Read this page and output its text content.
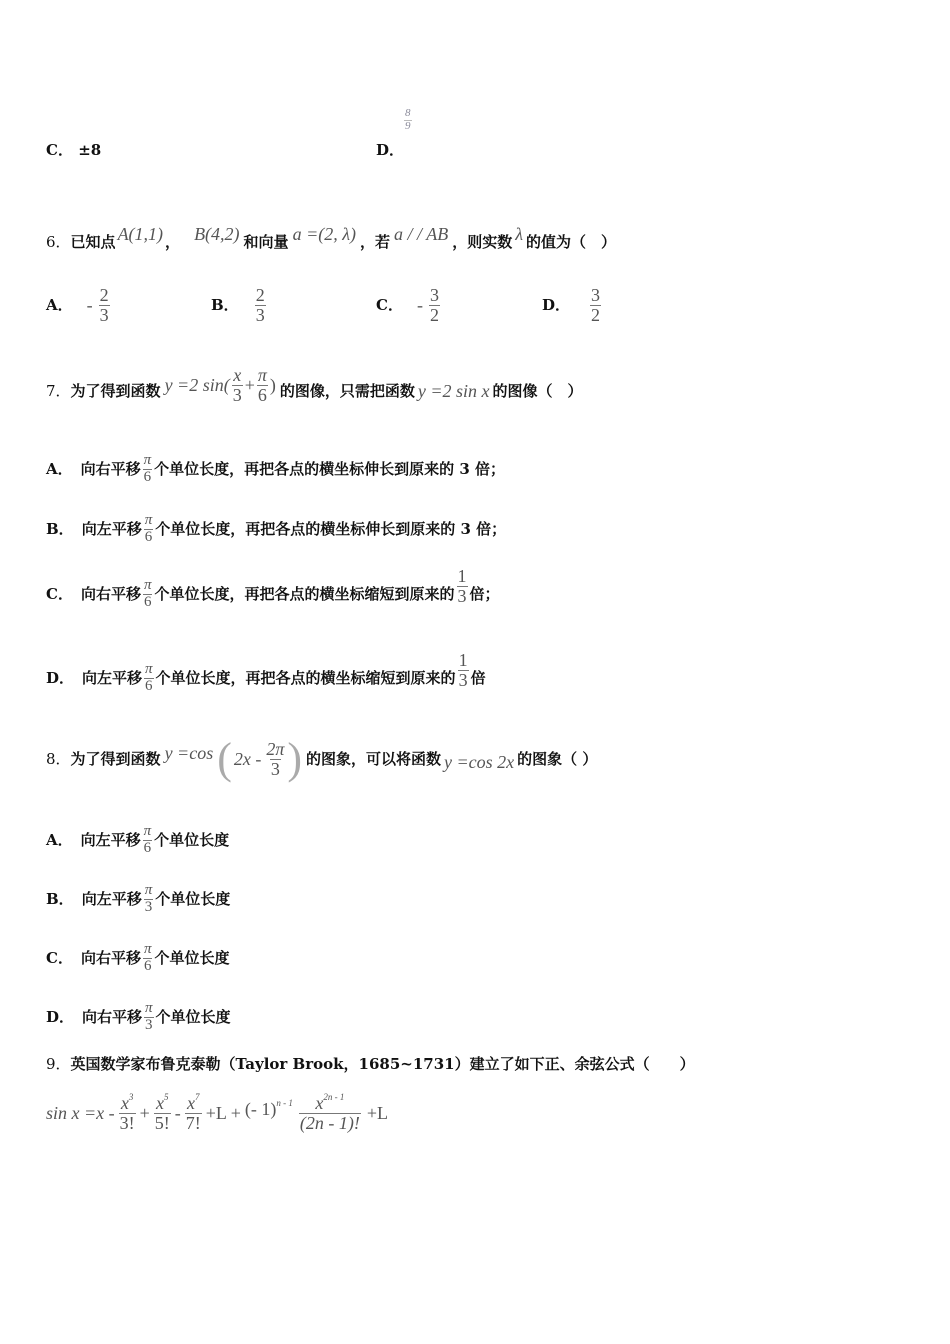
C． ±8	D．
$\frac{8}{9}$
6． 已知点 A(1,1) ， B(4,2) 和向量 a =(2, λ) ，若 a / / AB ，则实数 λ 的值为（　）
A． - $\frac{2}{3}$	B． $\frac{2}{3}$	C． - $\frac{3}{2}$	D． $\frac{3}{2}$
7． 为了得到函数 y =2 $\sin( \frac{x}{3} + \frac{\pi}{6}$ ) 的图像，只需把函数 y =2 sin x 的图像（　）
A． 向右平移 $\frac{\pi}{6}$ 个单位长度，再把各点的横坐标伸长到原来的 3 倍；
B． 向左平移 $\frac{\pi}{6}$ 个单位长度，再把各点的横坐标伸长到原来的 3 倍；
C． 向右平移 $\frac{\pi}{6}$ 个单位长度，再把各点的横坐标缩短到原来的 $\frac{1}{3}$ 倍；
D． 向左平移 $\frac{\pi}{6}$ 个单位长度，再把各点的横坐标缩短到原来的 $\frac{1}{3}$ 倍
8． 为了得到函数 y =cos ( $2x - \frac{2\pi}{3}$ ) 的图象，可以将函数 y =cos 2x 的图象（ ）
A． 向左平移 $\frac{\pi}{6}$ 个单位长度
B． 向左平移 $\frac{\pi}{3}$ 个单位长度
C． 向右平移 $\frac{\pi}{6}$ 个单位长度
D． 向右平移 $\frac{\pi}{3}$ 个单位长度
9． 英国数学家布鲁克泰勒（Taylor Brook，1685~1731）建立了如下正、余弦公式（　　）
$\sin x =x - \frac{x^3}{3!} + \frac{x^5}{5!} - \frac{x^7}{7!} +L$ + (- $1)^{n - 1} \frac{x^{2n - 1}}{(2n - 1)!} +L$
